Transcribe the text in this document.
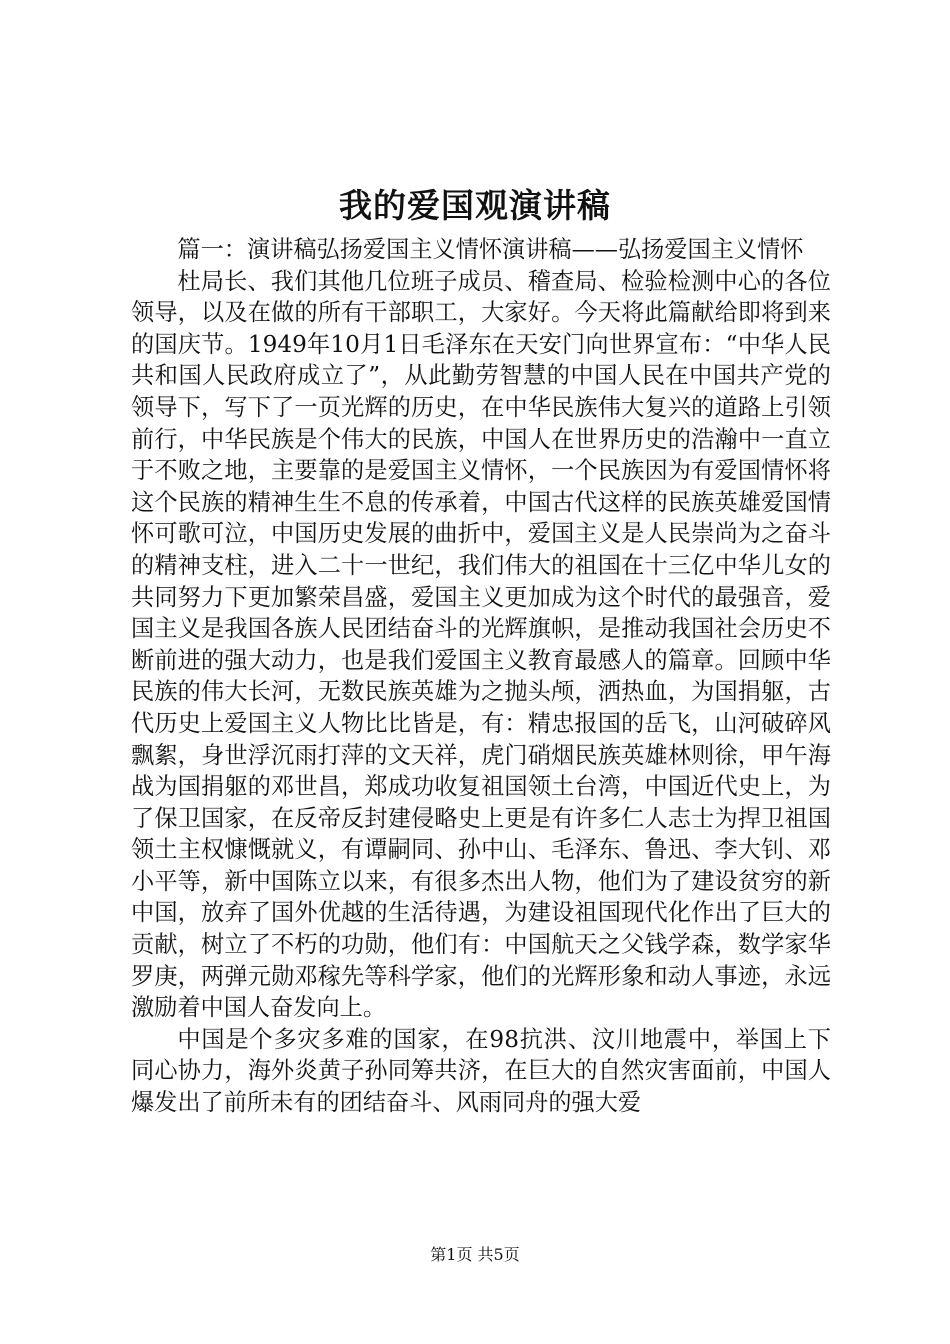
我的爱国观演讲稿

篇一：演讲稿弘扬爱国主义情怀演讲稿——弘扬爱国主义情怀

杜局长、我们其他几位班子成员、稽查局、检验检测中心的各位领导，以及在做的所有干部职工，大家好。今天将此篇献给即将到来的国庆节。1949年10月1日毛泽东在天安门向世界宣布：“中华人民共和国人民政府成立了”，从此勤劳智慧的中国人民在中国共产党的领导下，写下了一页光辉的历史，在中华民族伟大复兴的道路上引领前行，中华民族是个伟大的民族，中国人在世界历史的浩瀚中一直立于不败之地，主要靠的是爱国主义情怀，一个民族因为有爱国情怀将这个民族的精神生生不息的传承着，中国古代这样的民族英雄爱国情怀可歌可泣，中国历史发展的曲折中，爱国主义是人民崇尚为之奋斗的精神支柱，进入二十一世纪，我们伟大的祖国在十三亿中华儿女的共同努力下更加繁荣昌盛，爱国主义更加成为这个时代的最强音，爱国主义是我国各族人民团结奋斗的光辉旗帜，是推动我国社会历史不断前进的强大动力，也是我们爱国主义教育最感人的篇章。回顾中华民族的伟大长河，无数民族英雄为之抛头颅，洒热血，为国捐躯，古代历史上爱国主义人物比比皆是，有：精忠报国的岳飞，山河破碎风飘絮，身世浮沉雨打萍的文天祥，虎门硝烟民族英雄林则徐，甲午海战为国捐躯的邓世昌，郑成功收复祖国领土台湾，中国近代史上，为了保卫国家，在反帝反封建侵略史上更是有许多仁人志士为捍卫祖国领土主权慷慨就义，有谭嗣同、孙中山、毛泽东、鲁迅、李大钊、邓小平等，新中国陈立以来，有很多杰出人物，他们为了建设贫穷的新中国，放弃了国外优越的生活待遇，为建设祖国现代化作出了巨大的贡献，树立了不朽的功勋，他们有：中国航天之父钱学森，数学家华罗庚，两弹元勋邓稼先等科学家，他们的光辉形象和动人事迹，永远激励着中国人奋发向上。

中国是个多灾多难的国家，在98抗洪、汶川地震中，举国上下同心协力，海外炎黄子孙同筹共济，在巨大的自然灾害面前，中国人爆发出了前所未有的团结奋斗、风雨同舟的强大爱

第1页 共5页
